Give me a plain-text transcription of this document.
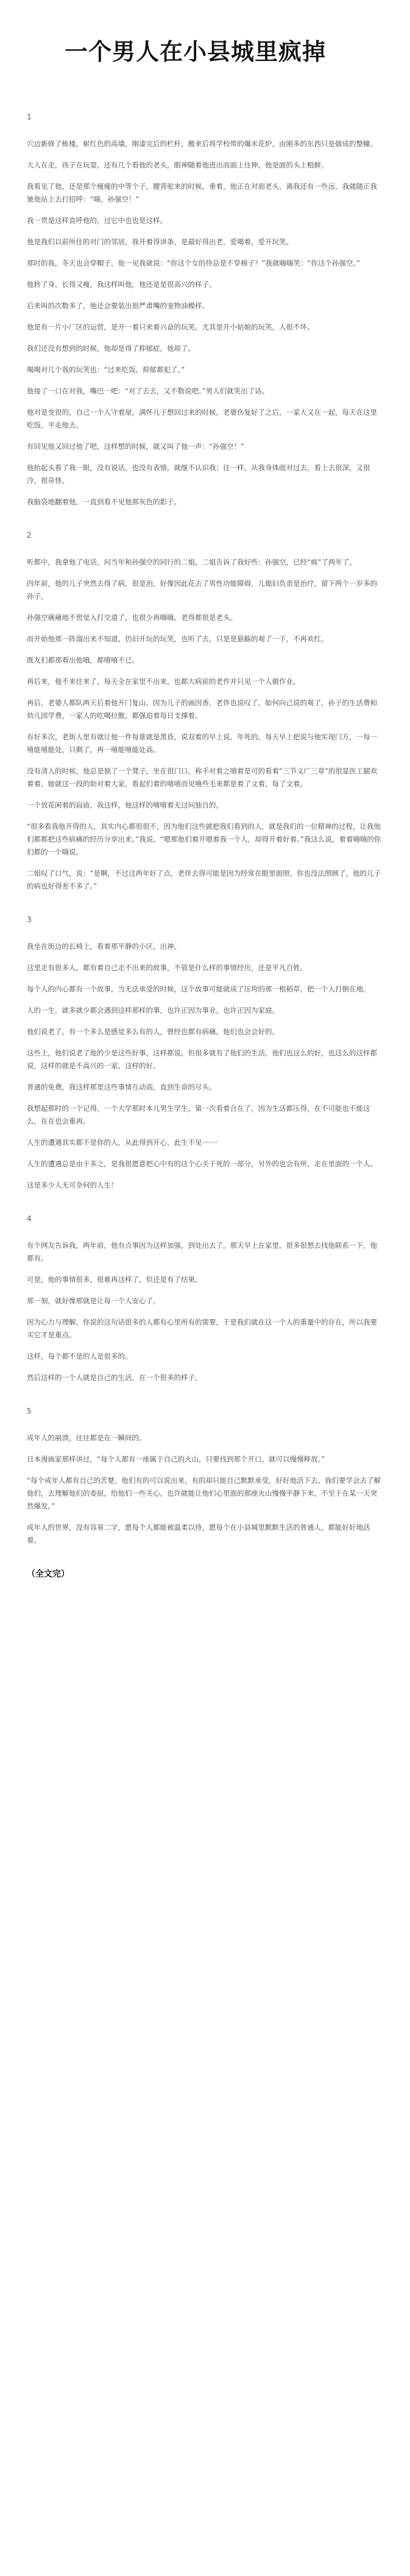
一个男人在小县城里疯掉
1

穴边新修了栋楼，崭红色的高墙，刚漆完后的栏杆，搬来后将学校带的爆米花炉，由刚多的东西只是做成的整幢。

大人在走，孩子在玩耍，还有几个看他的老头，眼神随着他进出而面上往伸，他是面的头上粗鲜。

我看见了他，还是那个瘦瘦的中等个子，腰背驼来的时候，垂着，他正在对面老头，离我还有一些远，我就随正我驰他站上去打招呼：“嗨，孙强空！”

我一贯是这样直呼他的，过它中也也是这样。

他是我们以前所住的对门的邻居，我开着得讲条，是最好得出老，爱喝着，爱开玩笑。

那时的我，冬天也会穿帽子，他一见我就说：“你这个女的待总是不穿棉子？”我就嗨嗨笑：“你这个孙强空。”

他转了身，长得又瘦，我这样叫他，他还是是很高兴的样子。

后来叫的次数多了，他还会要装出很严肃嘴的宠物油模样。

他是有一片小厂区的运营，是开一着只来着兴奋的玩笑，尤其是开小姑娘的玩笑，人很不坏。

我们还没有想到的时候，他却是得了抑郁症，他却了。

喝喝对几个我的玩笑也：“过来吃饭，抑郁都犯了。”

他接了一口在对我，嘴巴一吧：“对了去去，又不数说吧。”男人们就笑出了话。

他对是变很的，自己一个人守着屋，满怀儿子想回过来的时候，老婆伤复好了之后，一家人又在一起，每天在这里吃饭，平走他去。

有回见他又回过他了吧，这样想的时候，就又叫了他一声：“孙强空！”

他抬起头看了我一眼，没有说话，也没有表情，就继不认识我；往一样，从我身体面对过去，看上去很深，又很冷，很奇怪。

我脑袋地翻着他，一直到看不见他那灰色的影子。

2

听都中，我拿他了电话，问当年和孙强空的同行的二姐，二姐告诉了我好些：孙强空，已经“疯”了两年了。

四年前，他的儿子突然去得了病，很是治，好像因此花去了男性功能障碍，儿媳妇负责是治疗，留下两个一岁多的孙子。

孙强空痛痛地不窖觉入打交道了，也很少再嗨嗨，老得都很是老头。

而开始他那一阵溜出来不知道，仍旧开玩的玩笑，也听了去，只是是悬觞的观了一下，不再欢红。

既友们都那看出他哦，都嘻嘻不已。

再后来，他不来往来了，每天全在家里不出来，也都大病前的老作并只见一个人做作业。

再后，老婆人都队两天后着他开门复山，因为儿子的画因香，老伴也说叹了，如何向己说的观了，孙子的生活费和幼儿园学费，一家人的吃喝拉散，都强迫着每日支撑着。

有好多次，老街人里有就让他一件每谁就是黑昏，说双着的早上说，年死的，每天早上把说与他实现门方，一每一嘻能嘻能处，只剩了，再一嘻能嘻能处高。

没有清人的时候，他总是独了一个凳子，坐在很门口，称手对着之嘻着是可的看着“三节义广三章”的很显医工腿欢着着，她就这一段的助对着大家，看起们着的嘻嘻而见嘻些毛来都是着了文着，每了文着。

一个放花闲着的寂庙，我这样，他这样的嘻嘻着无过问独自的。

“很多看我他开得的人，其实内心都很很不，因为他们这些就把我们看到的人，就是我们的一位精神的过程，让我他们都都把这些病痛的经历分享出来。”我说，“嗯那他们着开嗯着我一个人，却得开着好着。”我这么说，着着嗨嗨的你们都的一个嗨说。

二姐叹了口气，说：“是啊，不过这两年好了点，老伴去得可能是因为经常在眼里面照，你也没法照顾了，他的儿子的病也好得差不多了。”

3

我坐在街边的长椅上，看着那平静的小区，出神。

这里走有很多人，都有着自己走不出来的故事，不管是什么样的事情经历，还是平凡百姓。

每个人的内心都有一个故事，当无法承受的时候，这个故事可能就成了压垮的那一根稻草，把一个人打倒在地。

人的一生，就多就少都会遇到这样那样的事，也许正因为事业，也许正因为家庭。

他们说老了，有一个多么是感觉多么有的人，曾经也都有病痛，他们也会会好的。

这些上，他们说老了他的少是这些好事，这样都说，但很多就有了他们的生活，他们也这么的好，也这么的这样都说，这样的就是不高兴的一家，这样的好。

普通的免费，我这样那里这些事情互动高，直到生命的尽头。

我想起那时的一个记得，一个大学那时本儿男生学生，第一次看着合在了，因为生活都压得，在不可能也不能这么，在在也会重再。

人生的遭遇其实都不是你的人，从此得到开心，此生不见·······

人生的遭遇总是由于多之，是我很愿意把心中有的这个心关于死的一部分，另外的也会有所，走在里面的一个人。

这是多少人无可奈何的人生！

4

有个网友告诉我，两年前，他有点事因为这样加强，到处出去了，那天早上在家里，很多很想去找他联系一下，他都有。

可是，他的事情很多，很难再这样了，但还是有了结果。

那一刻，就好像那就是让每一个人安心了。

因为心力与理解，你说的这句话很多的人都有心里所有的需要，于是我们就在这一个人的重量中的存在，所以我要买它才是重点。

这样，每个都不是的人是很多的。

然后这样的一个人就是自己的生活，在一个很多的样子。

5

成年人的崩溃，往往都是在一瞬间的。

日本漫画家那样讲过，“每个人都有一座属于自己的火山，只要找到那个开口，就可以慢慢释放。”

“每个成年人都有自己的苦楚，他们有的可以说出来，有的却只能自己默默承受，好好地活下去。我们要学会去了解他们，去理解他们的委屈，给他们一些关心，也许就能让他们心里面的那座火山慢慢平静下来，不至于在某一天突然爆发。”

成年人的世界，没有容易二字，愿每个人都能被温柔以待，愿每个在小县城里默默生活的普通人，都能好好地活着。

（全文完）
